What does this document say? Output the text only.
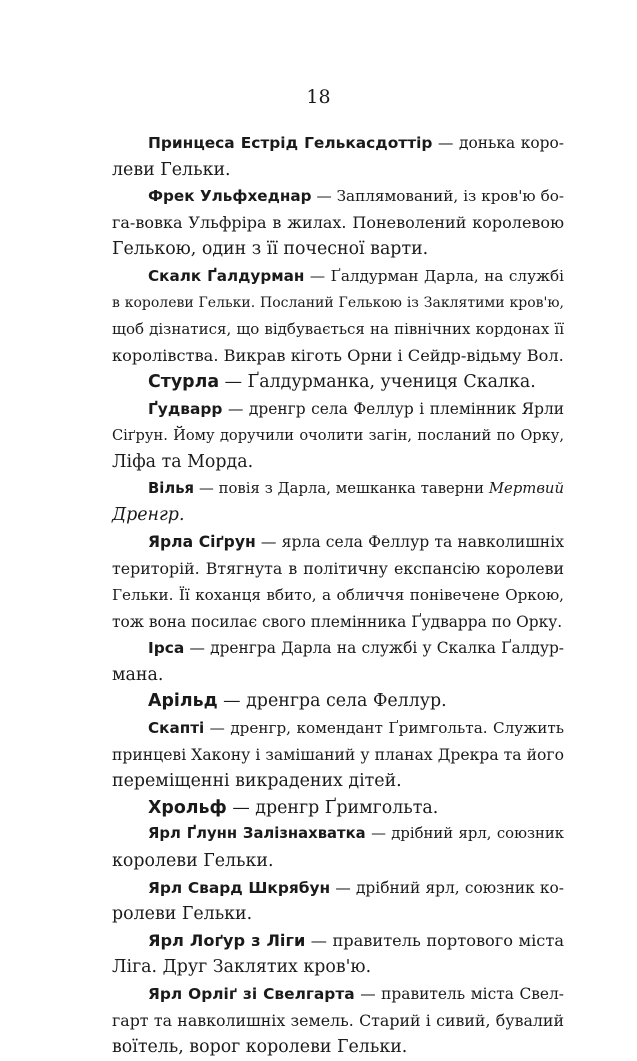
18

Принцеса Естрід Гелькасдоттір — донька коро-
леви Гельки.

Фрек Ульфхеднар — Заплямований, із кров'ю бо-
га-вовка Ульфріра в жилах. Поневолений королевою
Гелькою, один з її почесної варти.

Скалк Ґалдурман — Ґалдурман Дарла, на службі
в королеви Гельки. Посланий Гелькою із Заклятими кров'ю,
щоб дізнатися, що відбувається на північних кордонах її
королівства. Викрав кіготь Орни і Сейдр-відьму Вол.

Стурла — Ґалдурманка, учениця Скалка.

Ґудварр — дренгр села Феллур і племінник Ярли
Сіґрун. Йому доручили очолити загін, посланий по Орку,
Ліфа та Морда.

Вілья — повія з Дарла, мешканка таверни Мертвий
Дренгр.

Ярла Сіґрун — ярла села Феллур та навколишніх
територій. Втягнута в політичну експансію королеви
Гельки. Її коханця вбито, а обличчя понівечене Оркою,
тож вона посилає свого племінника Ґудварра по Орку.

Ірса — дренгра Дарла на службі у Скалка Ґалдур-
мана.

Арільд — дренгра села Феллур.

Скапті — дренгр, комендант Ґримгольта. Служить
принцеві Хакону і замішаний у планах Дрекра та його
переміщенні викрадених дітей.

Хрольф — дренгр Ґримгольта.

Ярл Ґлунн Залізнахватка — дрібний ярл, союзник
королеви Гельки.

Ярл Свард Шкрябун — дрібний ярл, союзник ко-
ролеви Гельки.

Ярл Лоґур з Ліги — правитель портового міста
Ліга. Друг Заклятих кров'ю.

Ярл Орліґ зі Свелгарта — правитель міста Свел-
гарт та навколишніх земель. Старий і сивий, бувалий
воїтель, ворог королеви Гельки.
